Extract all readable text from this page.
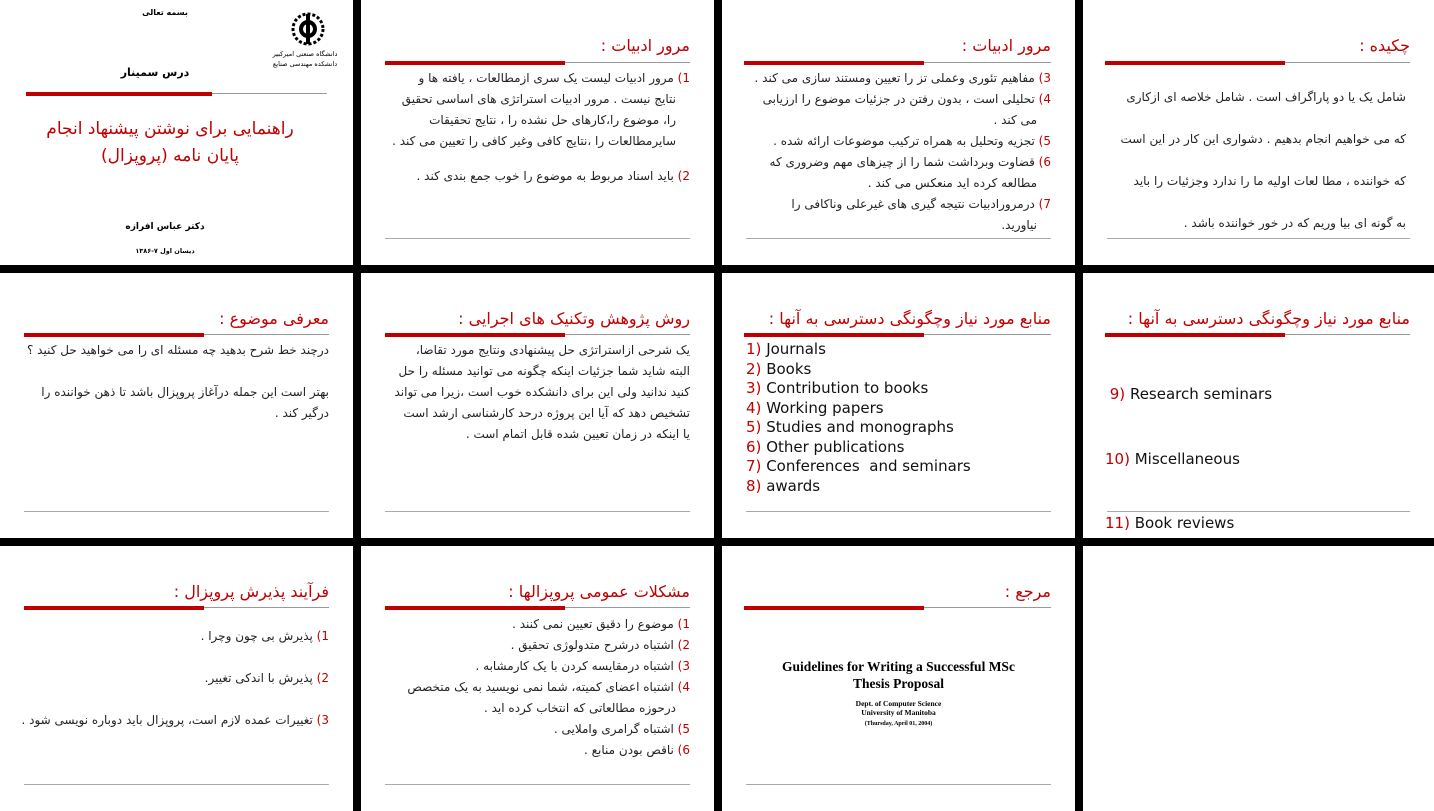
بسمه تعالی
دانشگاه صنعتی امیرکبیر
دانشکده مهندسی صنایع
درس سمینار
راهنمایی برای نوشتن پیشنهاد انجام
پایان نامه (پروپزال)
دکتر عباس افرازه
دیسان اول ۷-۱۳۸۶
مرور ادبیات :

1) مرور ادبیات لیست یک سری ازمطالعات ، یافته ها و

نتایج نیست . مرور ادبیات استراتژی های اساسی تحقیق

را، موضوع را،کارهای حل نشده را ، نتایج تحقیقات

سایرمطالعات را ،نتایج کافی وغیر کافی را تعیین می کند .

2) باید اسناد مربوط به موضوع را خوب جمع بندی کند .

مرور ادبیات :

3) مفاهیم تئوری وعملی تز را تعیین ومستند سازی می کند .

4) تحلیلی است ، بدون رفتن در جزئیات موضوع را ارزیابی

می کند .

5) تجزیه وتحلیل به همراه ترکیب موضوعات ارائه شده .

6) قضاوت وبرداشت شما را از چیزهای مهم وضروری که

مطالعه کرده اید منعکس می کند .

7) درمرورادبیات نتیجه گیری های غیرعلی وناکافی را

نیاورید.

چکیده :

شامل یک یا دو پاراگراف است . شامل خلاصه ای ازکاری

که می خواهیم انجام بدهیم . دشواری این کار در این است

که خواننده ، مطا لعات اولیه ما را ندارد وجزئیات را باید

به گونه ای بیا وریم که در خور خواننده باشد .

معرفی موضوع :

درچند خط شرح بدهید چه مسئله ای را می خواهید حل کنید ؟

بهتر است این جمله درآغاز پروپزال باشد تا ذهن خواننده را

درگیر کند .

روش پژوهش وتکنیک های اجرایی :

یک شرحی ازاستراتژی حل پیشنهادی ونتایج مورد تقاضا،

البته شاید شما جزئیات اینکه چگونه می توانید مسئله را حل

کنید ندانید ولی این برای دانشکده خوب است ،زیرا می تواند

تشخیص دهد که آیا این پروژه درحد کارشناسی ارشد است

یا اینکه در زمان تعیین شده قابل اتمام است .

منابع مورد نیاز وچگونگی دسترسی به آنها :
1) Journals
2) Books
3) Contribution to books
4) Working papers
5) Studies and monographs
6) Other publications
7) Conferences  and seminars
8) awards
منابع مورد نیاز وچگونگی دسترسی به آنها :

9) Research seminars

10) Miscellaneous

11) Book reviews

فرآیند پذیرش پروپزال :

1) پذیرش بی چون وچرا .

2) پذیرش با اندکی تغییر.

3) تغییرات عمده لازم است، پروپزال باید دوباره نویسی شود .

مشکلات عمومی پروپزالها :

1) موضوع را دقیق تعیین نمی کنند .

2) اشتباه درشرح متدولوژی تحقیق .

3) اشتباه درمقایسه کردن با یک کارمشابه .

4) اشتباه اعضای کمیته، شما نمی نویسید به یک متخصص

درحوزه مطالعاتی که انتخاب کرده اید .

5) اشتباه گرامری واملایی .

6) ناقص بودن منابع .

مرجع :
Guidelines for Writing a Successful MSc
Thesis Proposal
Dept. of Computer Science
University of Manitoba
(Thursday, April 01, 2004)
